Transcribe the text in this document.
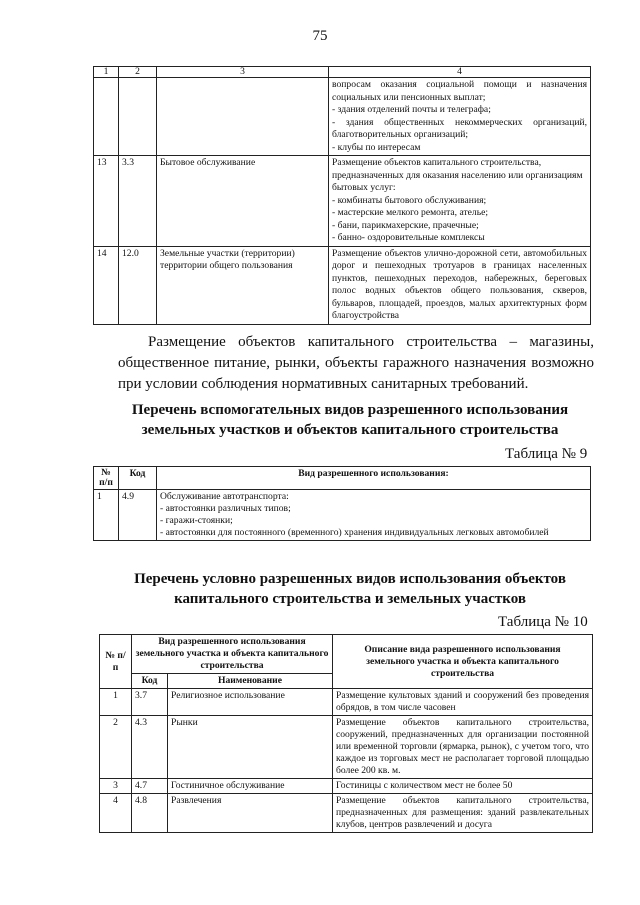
75
1	2	3	4

			вопросам оказания социальной помощи и назначения социальных или пенсионных выплат;
- здания отделений почты и телеграфа;
- здания общественных некоммерческих организаций, благотворительных организаций;
- клубы по интересам

13	3.3	Бытовое обслуживание	Размещение объектов капитального строительства, предназначенных для оказания населению или организациям бытовых услуг:
- комбинаты бытового обслуживания;
- мастерские мелкого ремонта, ателье;
- бани, парикмахерские, прачечные;
- банно- оздоровительные комплексы

14	12.0	Земельные участки (территории) территории общего пользования	Размещение объектов улично-дорожной сети, автомобильных дорог и пешеходных тротуаров в границах населенных пунктов, пешеходных переходов, набережных, береговых полос водных объектов общего пользования, скверов, бульваров, площадей, проездов, малых архитектурных форм благоустройства
Размещение объектов капитального строительства – магазины, общественное питание, рынки, объекты гаражного назначения возможно при условии соблюдения нормативных санитарных требований.
Перечень вспомогательных видов разрешенного использования земельных участков и объектов капитального строительства
Таблица № 9
№ п/п	Код	Вид разрешенного использования:
1	4.9	Обслуживание автотранспорта:
- автостоянки различных типов;
- гаражи-стоянки;
- автостоянки для постоянного (временного) хранения индивидуальных легковых автомобилей
Перечень условно разрешенных видов использования объектов капитального строительства и земельных участков
Таблица № 10
№ п/п	Вид разрешенного использования земельного участка и объекта капитального строительства		Описание вида разрешенного использования земельного участка и объекта капитального строительства
	Код	Наименование	
1	3.7	Религиозное использование	Размещение культовых зданий и сооружений без проведения обрядов, в том числе часовен
2	4.3	Рынки	Размещение объектов капитального строительства, сооружений, предназначенных для организации постоянной или временной торговли (ярмарка, рынок), с учетом того, что каждое из торговых мест не располагает торговой площадью более 200 кв. м.
3	4.7	Гостиничное обслуживание	Гостиницы с количеством мест не более 50
4	4.8	Развлечения	Размещение объектов капитального строительства, предназначенных для размещения: зданий развлекательных клубов, центров развлечений и досуга
